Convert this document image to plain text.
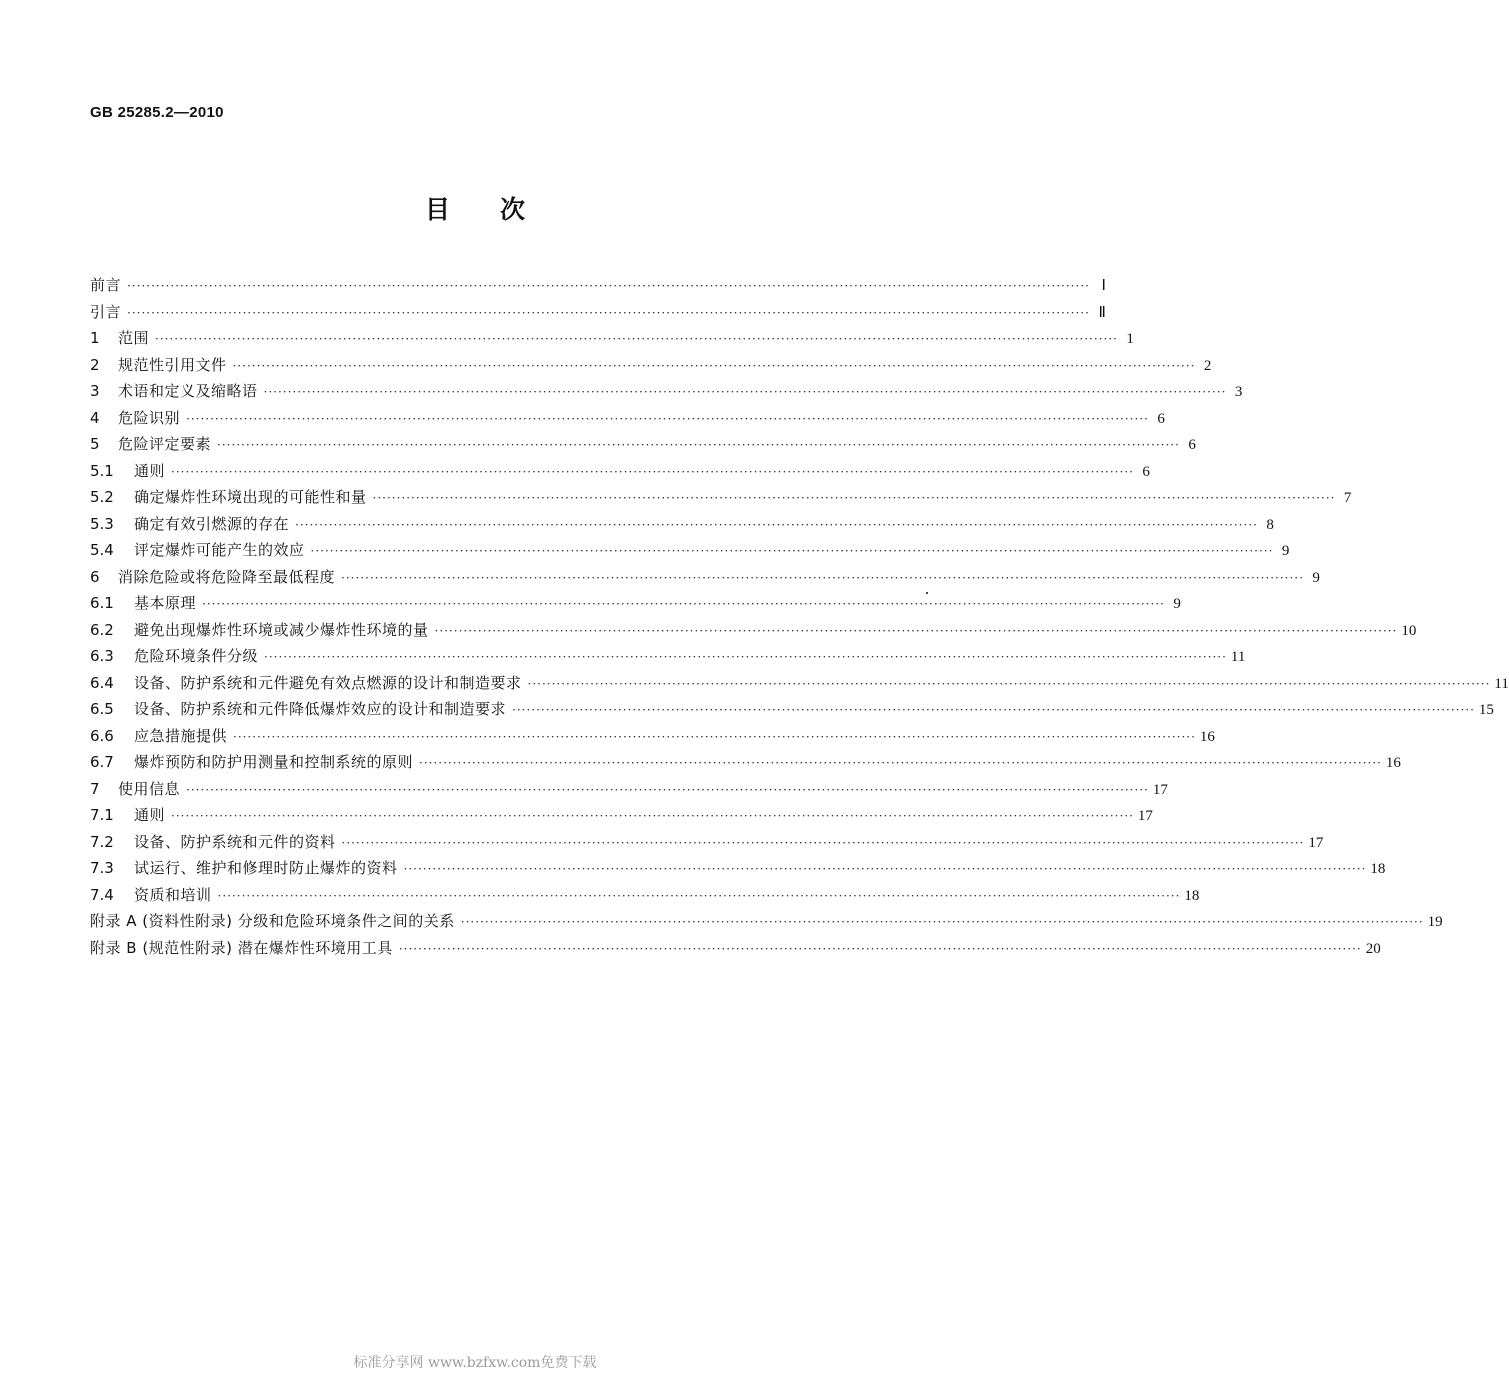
GB 25285.2—2010
目次
前言 ········································································································································································································ Ⅰ
引言 ········································································································································································································ Ⅱ
1	范围 ········································································································································································································ 1
2	规范性引用文件 ········································································································································································································ 2
3	术语和定义及缩略语 ········································································································································································································ 3
4	危险识别 ········································································································································································································ 6
5	危险评定要素 ········································································································································································································ 6
5.1	通则 ········································································································································································································ 6
5.2	确定爆炸性环境出现的可能性和量 ········································································································································································································ 7
5.3	确定有效引燃源的存在 ········································································································································································································ 8
5.4	评定爆炸可能产生的效应 ········································································································································································································ 9
6	消除危险或将危险降至最低程度 ········································································································································································································ 9
6.1	基本原理 ········································································································································································································ 9
6.2	避免出现爆炸性环境或减少爆炸性环境的量 ········································································································································································································ 10
6.3	危险环境条件分级 ········································································································································································································ 11
6.4	设备、防护系统和元件避免有效点燃源的设计和制造要求 ········································································································································································································ 11
6.5	设备、防护系统和元件降低爆炸效应的设计和制造要求 ········································································································································································································ 15
6.6	应急措施提供 ········································································································································································································ 16
6.7	爆炸预防和防护用测量和控制系统的原则 ········································································································································································································ 16
7	使用信息 ········································································································································································································ 17
7.1	通则 ········································································································································································································ 17
7.2	设备、防护系统和元件的资料 ········································································································································································································ 17
7.3	试运行、维护和修理时防止爆炸的资料 ········································································································································································································ 18
7.4	资质和培训 ········································································································································································································ 18
附录 A (资料性附录) 分级和危险环境条件之间的关系 ········································································································································································································ 19
附录 B (规范性附录) 潜在爆炸性环境用工具 ········································································································································································································ 20
标准分享网 www.bzfxw.com免费下载
